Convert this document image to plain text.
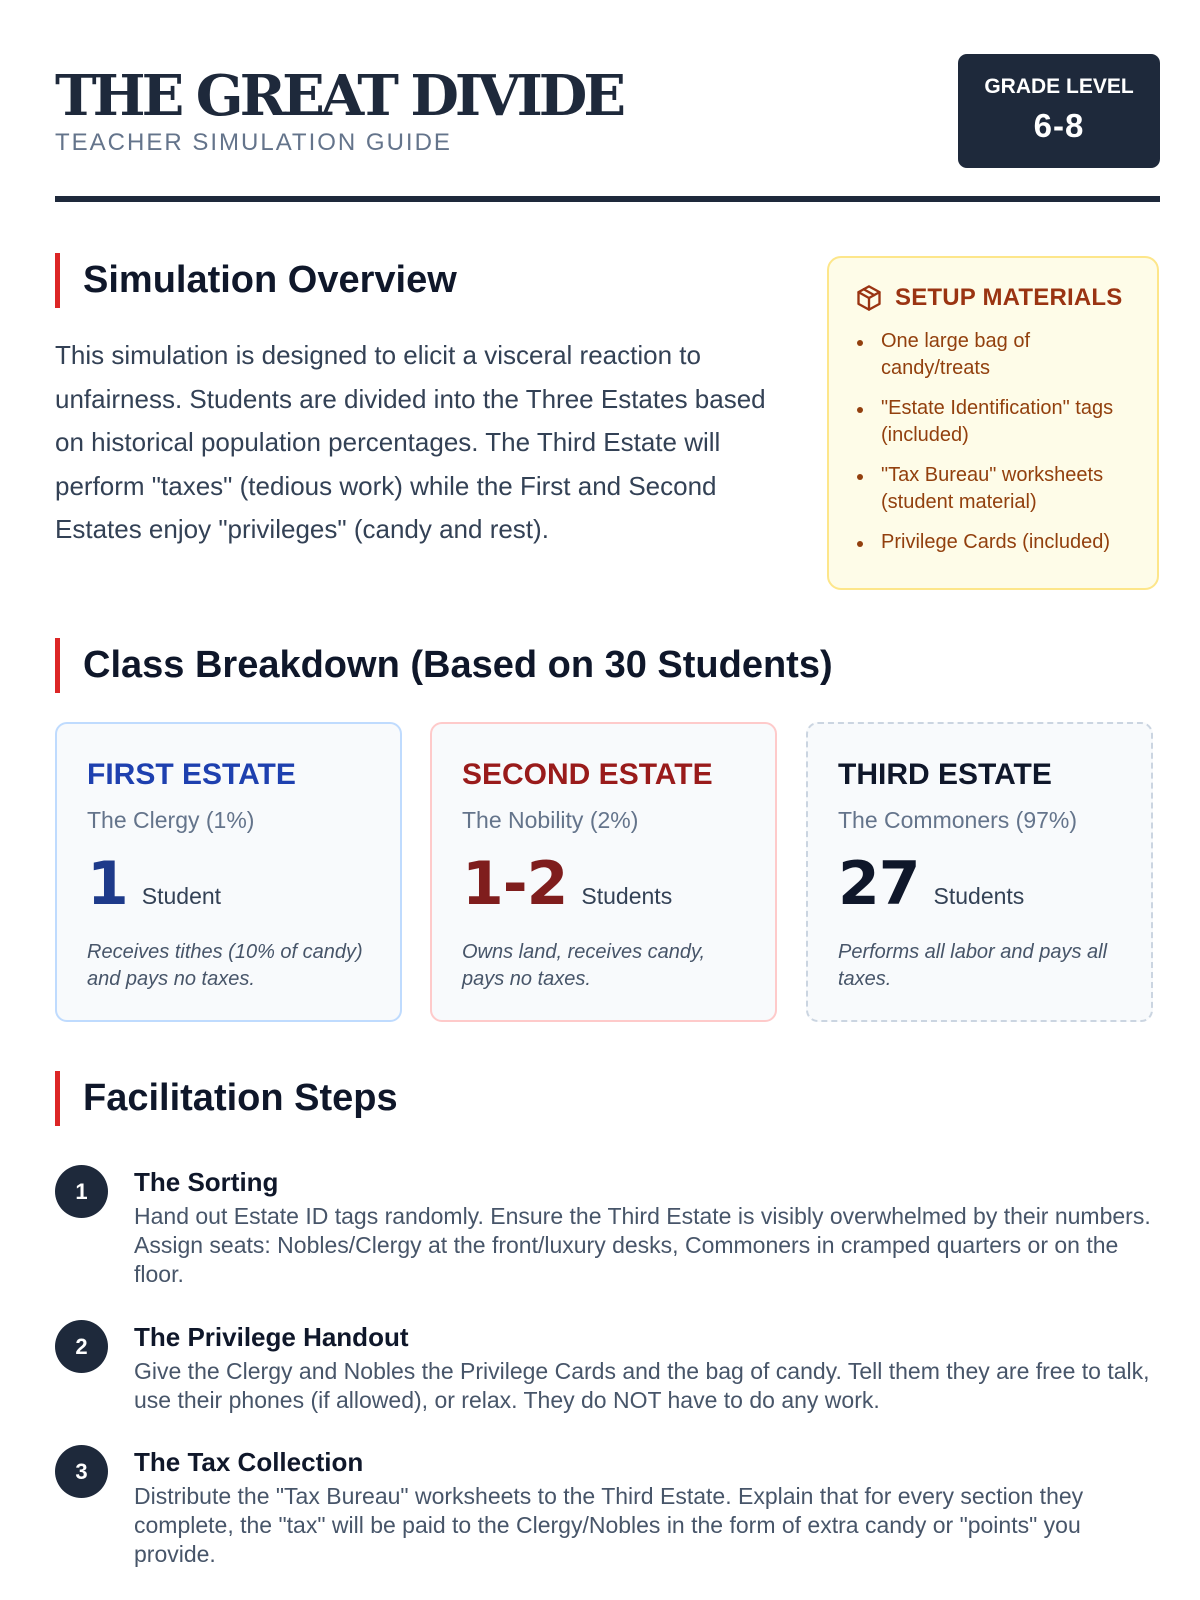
THE GREAT DIVIDE
TEACHER SIMULATION GUIDE
GRADE LEVEL
6-8
Simulation Overview

This simulation is designed to elicit a visceral reaction to unfairness. Students are divided into the Three Estates based on historical population percentages. The Third Estate will perform "taxes" (tedious work) while the First and Second Estates enjoy "privileges" (candy and rest).

SETUP MATERIALS
One large bag of candy/treats
"Estate Identification" tags (included)
"Tax Bureau" worksheets (student material)
Privilege Cards (included)
Class Breakdown (Based on 30 Students)
FIRST ESTATE
The Clergy (1%)
1 Student
Receives tithes (10% of candy) and pays no taxes.
SECOND ESTATE
The Nobility (2%)
1-2 Students
Owns land, receives candy, pays no taxes.
THIRD ESTATE
The Commoners (97%)
27 Students
Performs all labor and pays all taxes.
Facilitation Steps
1	The Sorting
Hand out Estate ID tags randomly. Ensure the Third Estate is visibly overwhelmed by their numbers. Assign seats: Nobles/Clergy at the front/luxury desks, Commoners in cramped quarters or on the floor.
2	The Privilege Handout
Give the Clergy and Nobles the Privilege Cards and the bag of candy. Tell them they are free to talk, use their phones (if allowed), or relax. They do NOT have to do any work.
3	The Tax Collection
Distribute the "Tax Bureau" worksheets to the Third Estate. Explain that for every section they complete, the "tax" will be paid to the Clergy/Nobles in the form of extra candy or "points" you provide.
